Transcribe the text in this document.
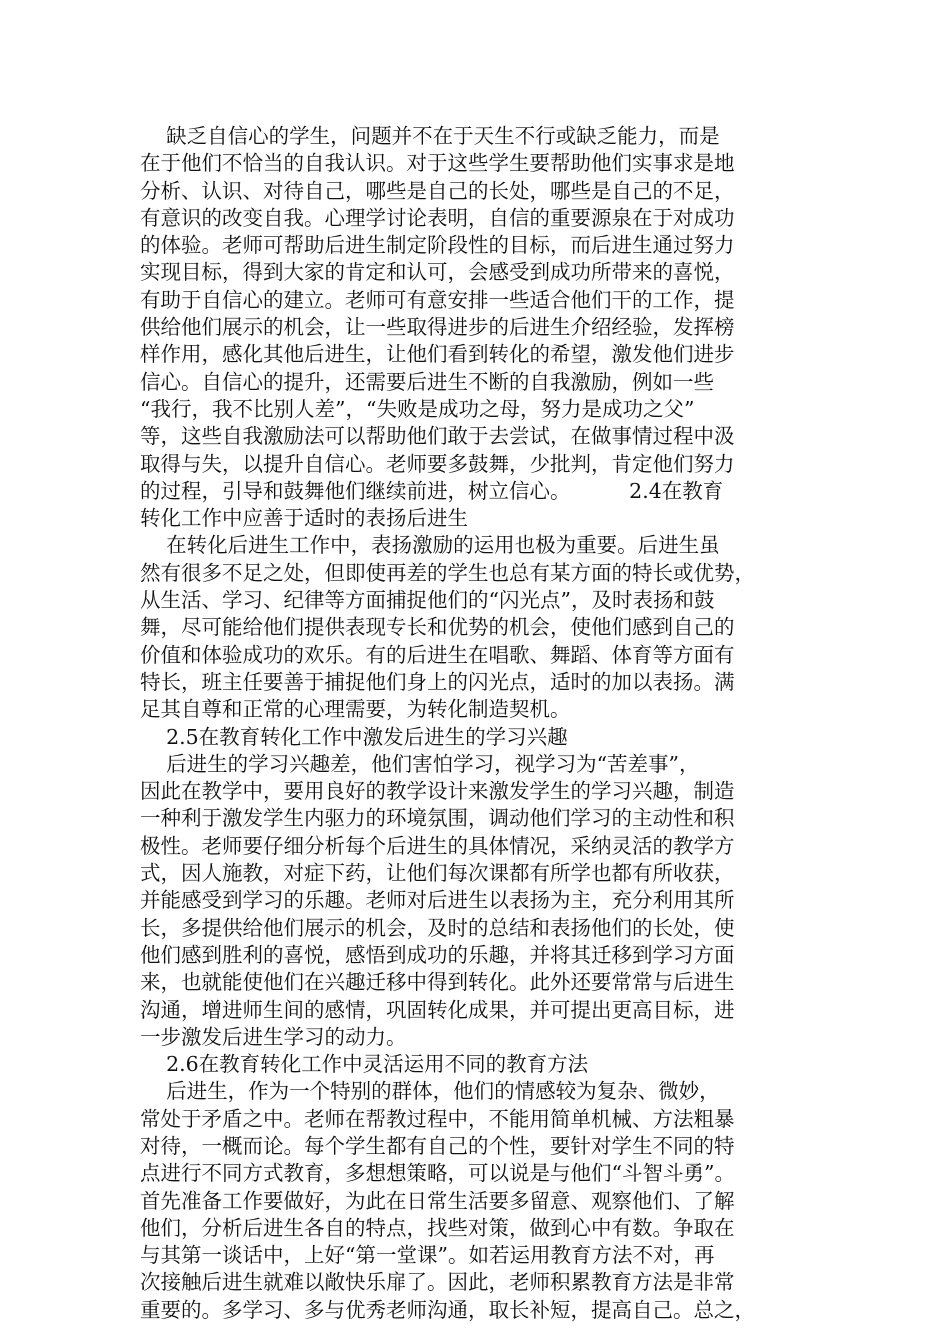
缺乏自信心的学生，问题并不在于天生不行或缺乏能力，而是
在于他们不恰当的自我认识。对于这些学生要帮助他们实事求是地
分析、认识、对待自己，哪些是自己的长处，哪些是自己的不足，
有意识的改变自我。心理学讨论表明，自信的重要源泉在于对成功
的体验。老师可帮助后进生制定阶段性的目标，而后进生通过努力
实现目标，得到大家的肯定和认可，会感受到成功所带来的喜悦，
有助于自信心的建立。老师可有意安排一些适合他们干的工作，提
供给他们展示的机会，让一些取得进步的后进生介绍经验，发挥榜
样作用，感化其他后进生，让他们看到转化的希望，激发他们进步
信心。自信心的提升，还需要后进生不断的自我激励，例如一些
“我行，我不比别人差”，“失败是成功之母，努力是成功之父”
等，这些自我激励法可以帮助他们敢于去尝试，在做事情过程中汲
取得与失，以提升自信心。老师要多鼓舞，少批判，肯定他们努力
的过程，引导和鼓舞他们继续前进，树立信心。         2.4在教育
转化工作中应善于适时的表扬后进生
在转化后进生工作中，表扬激励的运用也极为重要。后进生虽
然有很多不足之处，但即使再差的学生也总有某方面的特长或优势，
从生活、学习、纪律等方面捕捉他们的“闪光点”，及时表扬和鼓
舞，尽可能给他们提供表现专长和优势的机会，使他们感到自己的
价值和体验成功的欢乐。有的后进生在唱歌、舞蹈、体育等方面有
特长，班主任要善于捕捉他们身上的闪光点，适时的加以表扬。满
足其自尊和正常的心理需要，为转化制造契机。
2.5在教育转化工作中激发后进生的学习兴趣
后进生的学习兴趣差，他们害怕学习，视学习为“苦差事”，
因此在教学中，要用良好的教学设计来激发学生的学习兴趣，制造
一种利于激发学生内驱力的环境氛围，调动他们学习的主动性和积
极性。老师要仔细分析每个后进生的具体情况，采纳灵活的教学方
式，因人施教，对症下药，让他们每次课都有所学也都有所收获，
并能感受到学习的乐趣。老师对后进生以表扬为主，充分利用其所
长，多提供给他们展示的机会，及时的总结和表扬他们的长处，使
他们感到胜利的喜悦，感悟到成功的乐趣，并将其迁移到学习方面
来，也就能使他们在兴趣迁移中得到转化。此外还要常常与后进生
沟通，增进师生间的感情，巩固转化成果，并可提出更高目标，进
一步激发后进生学习的动力。
2.6在教育转化工作中灵活运用不同的教育方法
后进生，作为一个特别的群体，他们的情感较为复杂、微妙，
常处于矛盾之中。老师在帮教过程中，不能用简单机械、方法粗暴
对待，一概而论。每个学生都有自己的个性，要针对学生不同的特
点进行不同方式教育，多想想策略，可以说是与他们“斗智斗勇”。
首先准备工作要做好，为此在日常生活要多留意、观察他们、了解
他们，分析后进生各自的特点，找些对策，做到心中有数。争取在
与其第一谈话中，上好“第一堂课”。如若运用教育方法不对，再
次接触后进生就难以敞快乐扉了。因此，老师积累教育方法是非常
重要的。多学习、多与优秀老师沟通，取长补短，提高自己。总之，
